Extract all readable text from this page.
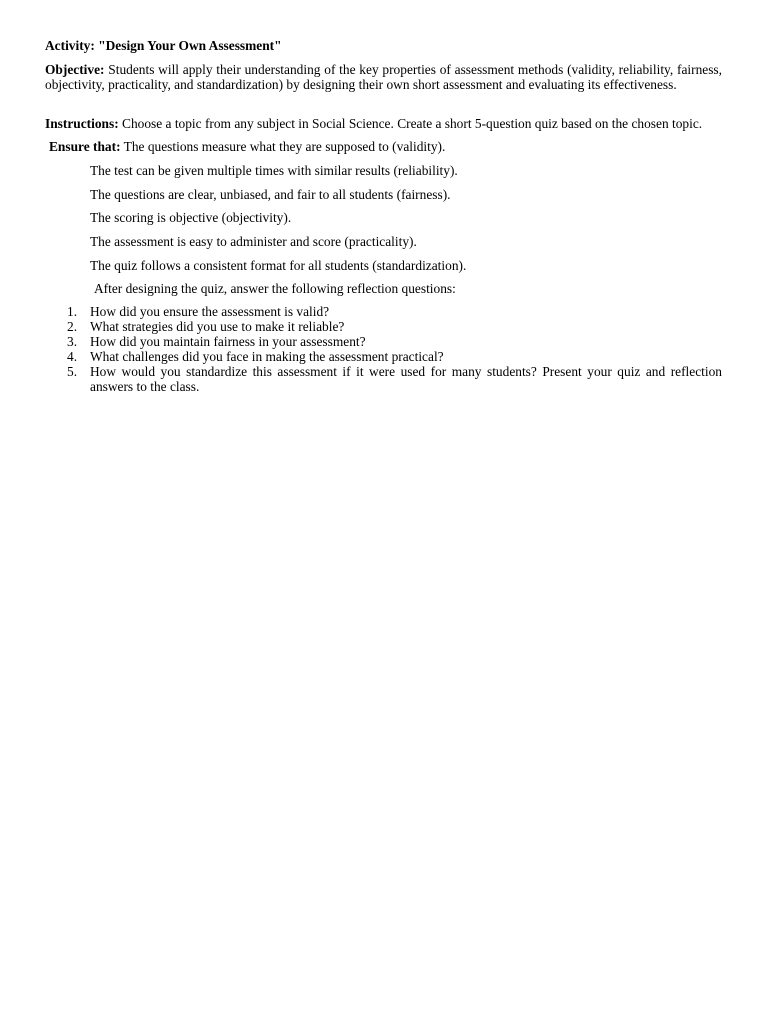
Activity: "Design Your Own Assessment"

Objective: Students will apply their understanding of the key properties of assessment methods (validity, reliability, fairness, objectivity, practicality, and standardization) by designing their own short assessment and evaluating its effectiveness.

Instructions: Choose a topic from any subject in Social Science. Create a short 5-question quiz based on the chosen topic.

Ensure that: The questions measure what they are supposed to (validity).

The test can be given multiple times with similar results (reliability).

The questions are clear, unbiased, and fair to all students (fairness).

The scoring is objective (objectivity).

The assessment is easy to administer and score (practicality).

The quiz follows a consistent format for all students (standardization).

After designing the quiz, answer the following reflection questions:

1. How did you ensure the assessment is valid?
2. What strategies did you use to make it reliable?
3. How did you maintain fairness in your assessment?
4. What challenges did you face in making the assessment practical?
5. How would you standardize this assessment if it were used for many students? Present your quiz and reflection answers to the class.
